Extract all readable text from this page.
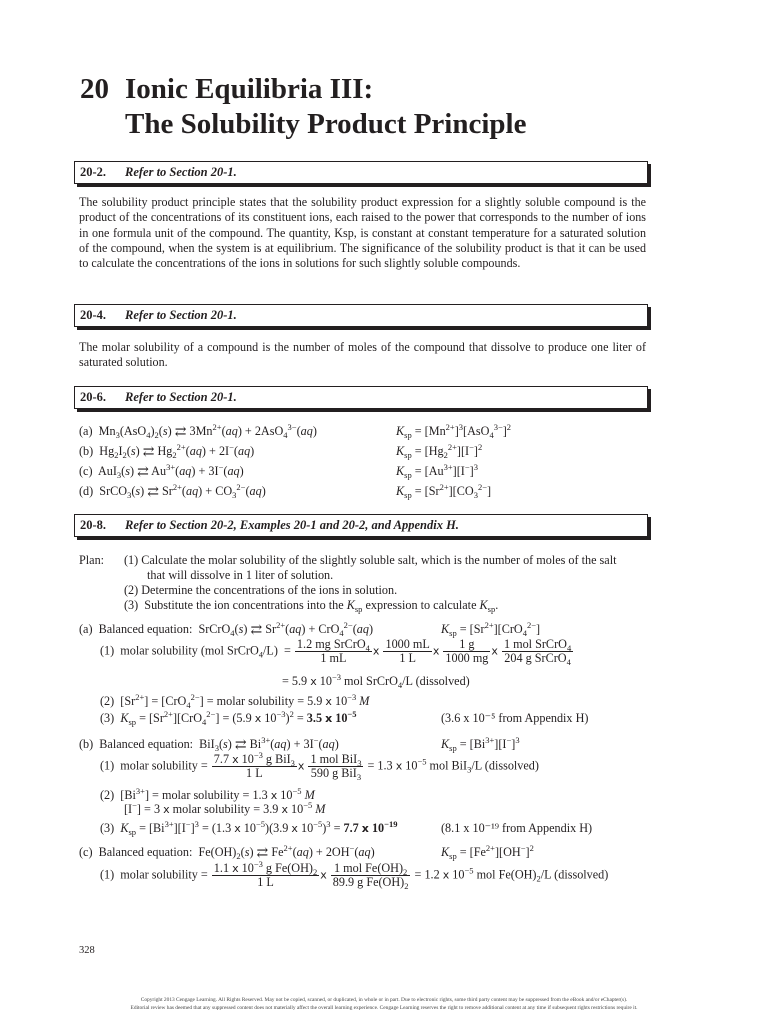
20 Ionic Equilibria III:
The Solubility Product Principle
20-2. Refer to Section 20-1.
The solubility product principle states that the solubility product expression for a slightly soluble compound is the product of the concentrations of its constituent ions, each raised to the power that corresponds to the number of ions in one formula unit of the compound. The quantity, Ksp, is constant at constant temperature for a saturated solution of the compound, when the system is at equilibrium. The significance of the solubility product is that it can be used to calculate the concentrations of the ions in solutions for such slightly soluble compounds.
20-4. Refer to Section 20-1.
The molar solubility of a compound is the number of moles of the compound that dissolve to produce one liter of saturated solution.
20-6. Refer to Section 20-1.
(a)  $Mn_3(AsO_4)_2(s)$ ⇄ $3Mn^{2+}(aq) + 2AsO_4^{3-}(aq)$	$K_{sp} = [Mn^{2+}]^3[AsO_4^{3-}]^2$
(b)  $Hg_2I_2(s)$ ⇄ $Hg_2^{2+}(aq) + 2I^-(aq)$	$K_{sp} = [Hg_2^{2+}][I^-]^2$
(c)  AuI$_3$(s) ⇄ $Au^{3+}(aq) + 3I^-(aq)$	$K_{sp} = [Au^{3+}][I^-]^3$
(d)  SrCO$_3$(s) ⇄ $Sr^{2+}(aq) + CO_3^{2-}(aq)$	$K_{sp} = [Sr^{2+}][CO_3^{2-}]$
20-8. Refer to Section 20-2, Examples 20-1 and 20-2, and Appendix H.
Plan: (1) Calculate the molar solubility of the slightly soluble salt, which is the number of moles of the salt
that will dissolve in 1 liter of solution.
(2) Determine the concentrations of the ions in solution.
(3)  Substitute the ion concentrations into the $K_{sp}$ expression to calculate $K_{sp}$.
(a)  Balanced equation:  SrCrO$_4$(s) ⇄ $Sr^{2+}(aq) + CrO_4^{2-}(aq)$	$K_{sp} = [Sr^{2+}][CrO_4^{2-}]$
(1)  molar solubility (mol SrCrO$_4$/L)  = $\frac{1.2 mg SrCrO_4}{1 mL}$ x $\frac{1000 mL}{1 L}$ x $\frac{1 g}{1000 mg}$ x $\frac{1 mol SrCrO_4}{204 g SrCrO_4}$
= 5.9 x $10^{-3}$ mol SrCrO$_4$/L (dissolved)
(2)  $[Sr^{2+}] = [CrO_4^{2-}]$ = molar solubility = 5.9 x $10^{-3}$ M
(3)  $K_{sp} = [Sr^{2+}][CrO_4^{2-}] = (5.9$ x $10^{-3})^2 = 3.5$ x $10^{-5}$	(3.6 x 10⁻⁵ from Appendix H)
(b)  Balanced equation:  BiI$_3$(s) ⇄ $Bi^{3+}(aq) + 3I^-(aq)$	$K_{sp} = [Bi^{3+}][I^-]^3$
(1)  molar solubility = $\frac{7.7 x 10^{-3} g BiI_3}{1 L}$ x $\frac{1 mol BiI_3}{590 g BiI_3} = 1.3$ x $10^{-5}$ mol BiI$_3$/L (dissolved)
(2)  $[Bi^{3+}]$ = molar solubility = 1.3 x $10^{-5}$ M
[I−] = 3 x molar solubility = 3.9 x $10^{-5}$ M
(3)  $K_{sp} = [Bi^{3+}][I^-]^3 = (1.3$ x $10^{-5})(3.9$ x $10^{-5})^3 = 7.7$ x $10^{-19}$	(8.1 x 10⁻¹⁹ from Appendix H)
(c)  Balanced equation:  $Fe(OH)_2(s)$ ⇄ $Fe^{2+}(aq) + 2OH^-(aq)$	$K_{sp} = [Fe^{2+}][OH^-]^2$
(1)  molar solubility = $\frac{1.1 x 10^{-3} g Fe(OH)_2}{1 L}$ x $\frac{1 mol Fe(OH)_2}{89.9 g Fe(OH)_2} = 1.2$ x $10^{-5}$ mol $Fe(OH)_2/L$ (dissolved)
328
Copyright 2013 Cengage Learning. All Rights Reserved. May not be copied, scanned, or duplicated, in whole or in part. Due to electronic rights, some third party content may be suppressed from the eBook and/or eChapter(s).
Editorial review has deemed that any suppressed content does not materially affect the overall learning experience. Cengage Learning reserves the right to remove additional content at any time if subsequent rights restrictions require it.
